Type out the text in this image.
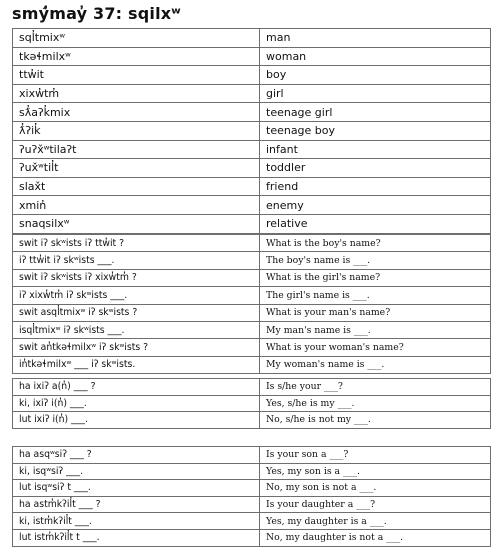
smý̓may̓ 37: sqilxʷ
sql̓tmixʷ	man
tkəɬmilxʷ	woman
ttw̓it	boy
xixw̓tm̓	girl
sƛ̓aʔk̓mix	teenage girl
ƛ̓ʔik̓	teenage boy
ʔuʔx̌ʷtilaʔt	infant
ʔux̌ʷtil̓t	toddler
slax̌t	friend
xmin̓	enemy
snaqsilxʷ	relative
swit iʔ skʷists iʔ ttw̓it ?	What is the boy's name?
iʔ ttw̓it iʔ skʷists ___.	The boy's name is ___.
swit iʔ skʷists iʔ xixw̓tm̓ ?	What is the girl's name?
iʔ xixw̓tm̓ iʔ skʷists ___.	The girl's name is ___.
swit asql̓tmixʷ iʔ skʷists ?	What is your man's name?
isql̓tmixʷ iʔ skʷists ___.	My man's name is ___.
swit an̓tkəɬmilxʷ iʔ skʷists ?	What is your woman's name?
in̓tkəɬmilxʷ ___ iʔ skʷists.	My woman's name is ___.
ha ixiʔ a(n̓) ___ ?	Is s/he your ___?
ki, ixiʔ i(n̓) ___.	Yes, s/he is my ___.
lut ixiʔ i(n̓) ___.	No, s/he is not my ___.
ha asqʷsiʔ ___ ?	Is your son a ___?
ki, isqʷsiʔ ___.	Yes, my son is a ___.
lut isqʷsiʔ t ___.	No, my son is not a ___.
ha astm̓kʔil̓t ___ ?	Is your daughter a ___?
ki, istm̓kʔil̓t ___.	Yes, my daughter is a ___.
lut istm̓kʔil̓t t ___.	No, my daughter is not a ___.
